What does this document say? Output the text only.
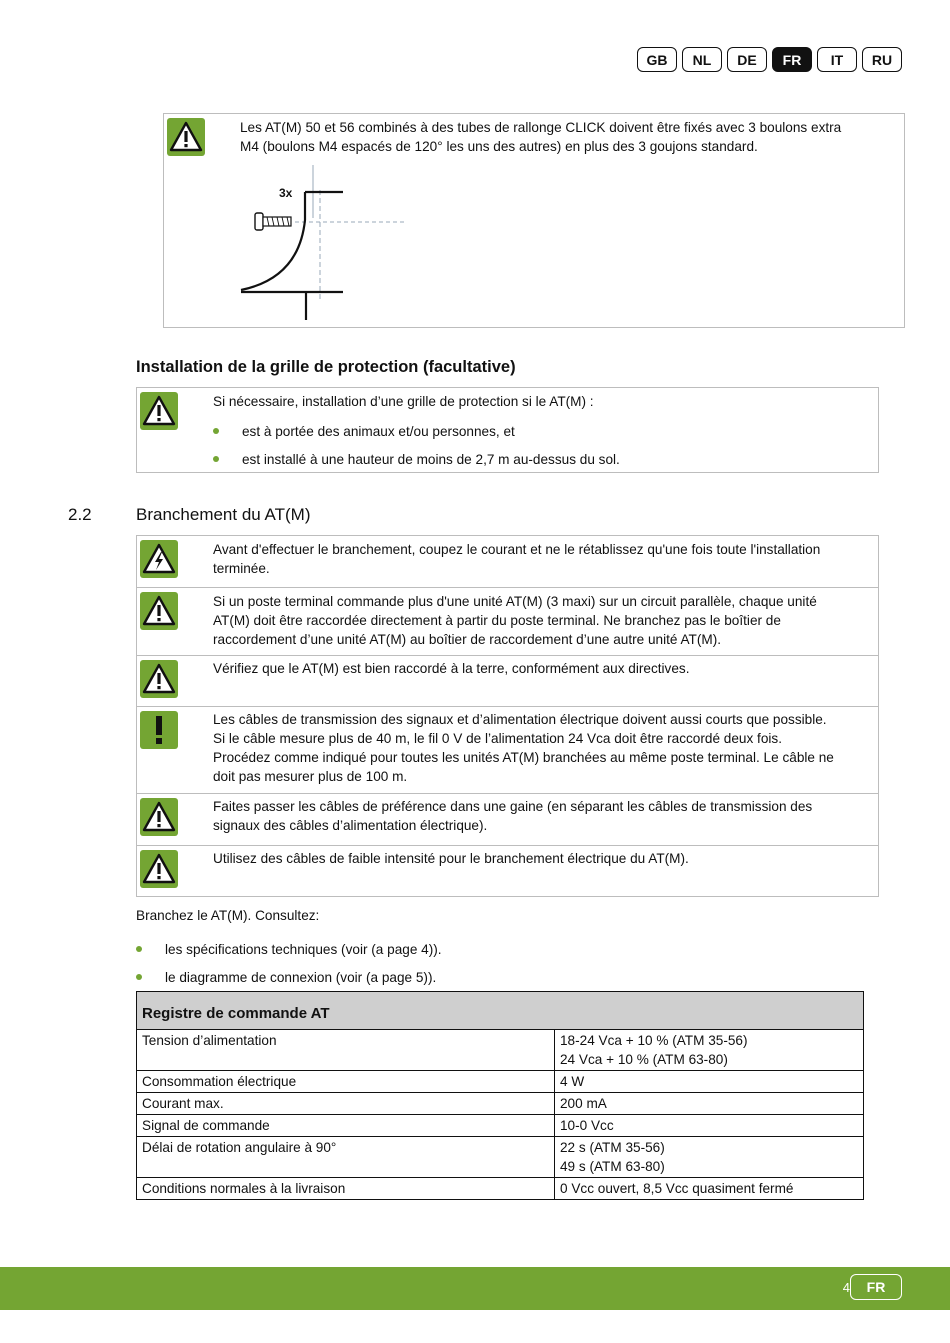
GB	NL	DE	FR	IT	RU
Les AT(M) 50 et 56 combinés à des tubes de rallonge CLICK doivent être fixés avec 3 boulons extra
M4 (boulons M4 espacés de 120° les uns des autres) en plus des 3 goujons standard.
3x
Installation de la grille de protection (facultative)
Si nécessaire, installation d’une grille de protection si le AT(M) :
est à portée des animaux et/ou personnes, et
est installé à une hauteur de moins de 2,7 m au-dessus du sol.
2.2	Branchement du AT(M)
Avant d'effectuer le branchement, coupez le courant et ne le rétablissez qu'une fois toute l'installation
terminée.
Si un poste terminal commande plus d'une unité AT(M) (3 maxi) sur un circuit parallèle, chaque unité
AT(M) doit être raccordée directement à partir du poste terminal. Ne branchez pas le boîtier de
raccordement d’une unité AT(M) au boîtier de raccordement d’une autre unité AT(M).
Vérifiez que le AT(M) est bien raccordé à la terre, conformément aux directives.
Les câbles de transmission des signaux et d’alimentation électrique doivent aussi courts que possible.
Si le câble mesure plus de 40 m, le fil 0 V de l’alimentation 24 Vca doit être raccordé deux fois.
Procédez comme indiqué pour toutes les unités AT(M) branchées au même poste terminal. Le câble ne
doit pas mesurer plus de 100 m.
Faites passer les câbles de préférence dans une gaine (en séparant les câbles de transmission des
signaux des câbles d’alimentation électrique).
Utilisez des câbles de faible intensité pour le branchement électrique du AT(M).
Branchez le AT(M). Consultez:
les spécifications techniques (voir (a page 4)).
le diagramme de connexion (voir (a page 5)).
Registre de commande AT	
Tension d’alimentation	18-24 Vca + 10 % (ATM 35-56)
24 Vca + 10 % (ATM 63-80)

Consommation électrique	4 W
Courant max.	200 mA
Signal de commande	10-0 Vcc
Délai de rotation angulaire à 90°	22 s (ATM 35-56)
49 s (ATM 63-80)

Conditions normales à la livraison	0 Vcc ouvert, 8,5 Vcc quasiment fermé
4	FR
